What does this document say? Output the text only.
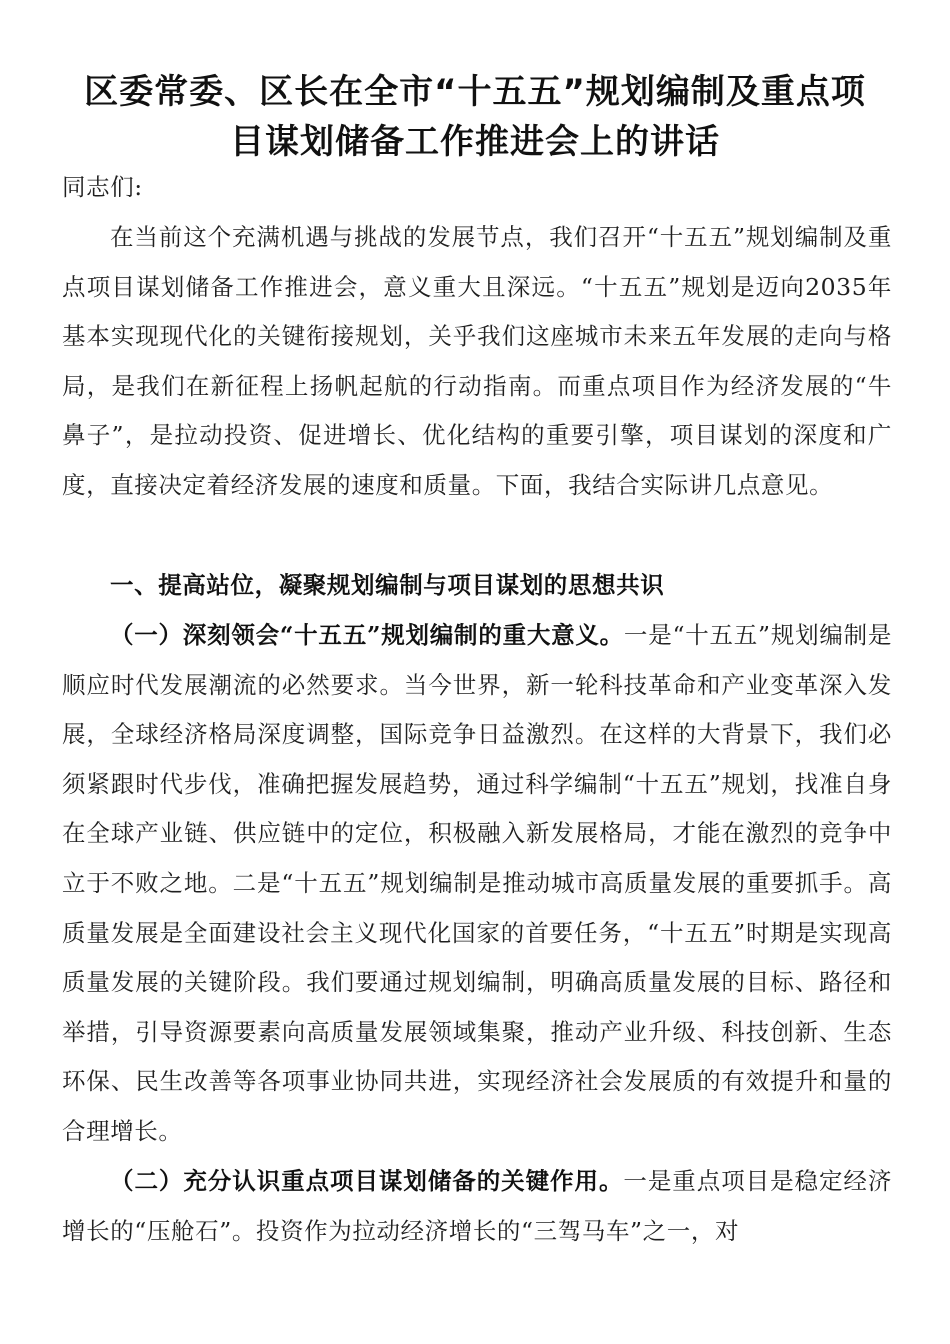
区委常委、区长在全市“十五五”规划编制及重点项
目谋划储备工作推进会上的讲话

同志们:

在当前这个充满机遇与挑战的发展节点，我们召开“十五五”规划编制及重点项目谋划储备工作推进会，意义重大且深远。“十五五”规划是迈向2035年基本实现现代化的关键衔接规划，关乎我们这座城市未来五年发展的走向与格局，是我们在新征程上扬帆起航的行动指南。而重点项目作为经济发展的“牛鼻子”，是拉动投资、促进增长、优化结构的重要引擎，项目谋划的深度和广度，直接决定着经济发展的速度和质量。下面，我结合实际讲几点意见。

一、提高站位，凝聚规划编制与项目谋划的思想共识

（一）深刻领会“十五五”规划编制的重大意义。一是“十五五”规划编制是顺应时代发展潮流的必然要求。当今世界，新一轮科技革命和产业变革深入发展，全球经济格局深度调整，国际竞争日益激烈。在这样的大背景下，我们必须紧跟时代步伐，准确把握发展趋势，通过科学编制“十五五”规划，找准自身在全球产业链、供应链中的定位，积极融入新发展格局，才能在激烈的竞争中立于不败之地。二是“十五五”规划编制是推动城市高质量发展的重要抓手。高质量发展是全面建设社会主义现代化国家的首要任务，“十五五”时期是实现高质量发展的关键阶段。我们要通过规划编制，明确高质量发展的目标、路径和举措，引导资源要素向高质量发展领域集聚，推动产业升级、科技创新、生态环保、民生改善等各项事业协同共进，实现经济社会发展质的有效提升和量的合理增长。

（二）充分认识重点项目谋划储备的关键作用。一是重点项目是稳定经济增长的“压舱石”。投资作为拉动经济增长的“三驾马车”之一，对
